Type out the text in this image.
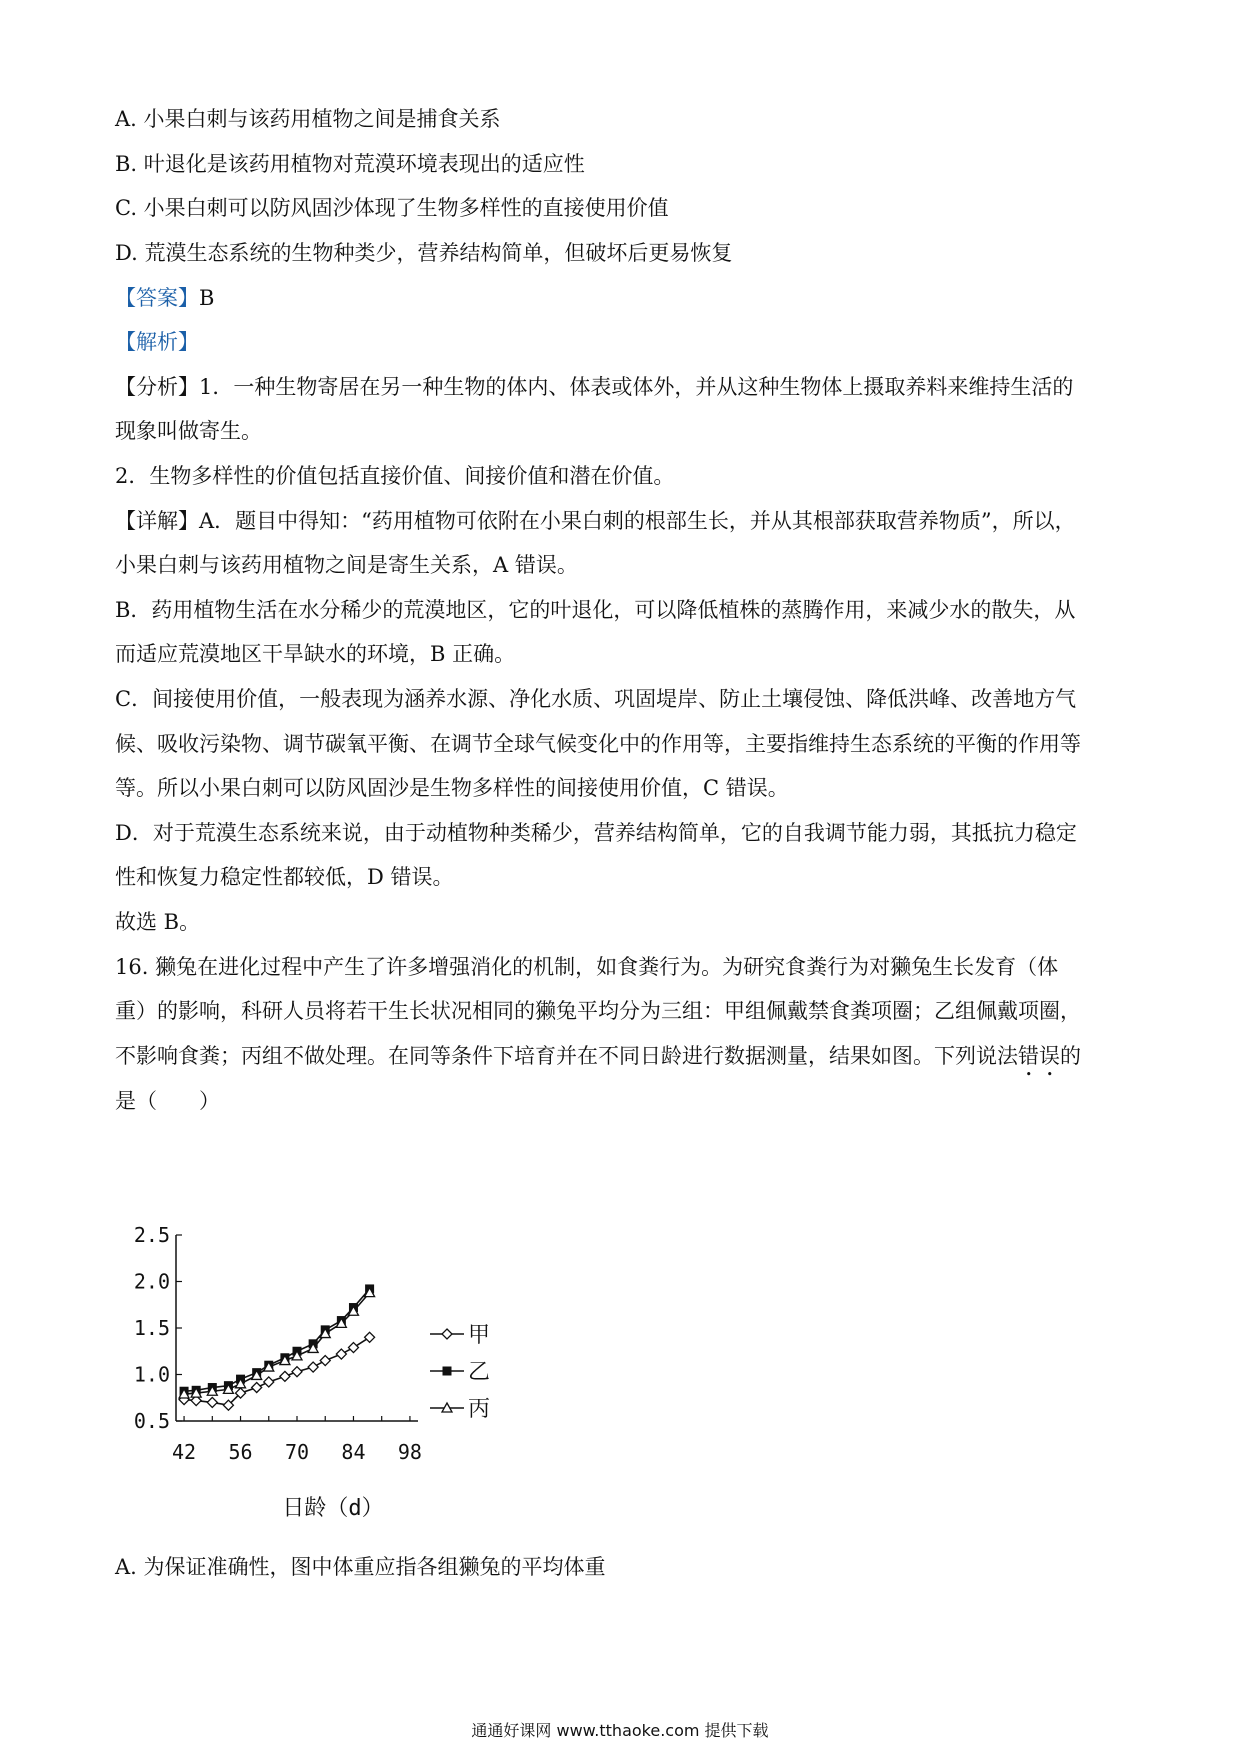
A. 小果白刺与该药用植物之间是捕食关系
B. 叶退化是该药用植物对荒漠环境表现出的适应性
C. 小果白刺可以防风固沙体现了生物多样性的直接使用价值
D. 荒漠生态系统的生物种类少，营养结构简单，但破坏后更易恢复
【答案】B
【解析】
【分析】1．一种生物寄居在另一种生物的体内、体表或体外，并从这种生物体上摄取养料来维持生活的
现象叫做寄生。
2．生物多样性的价值包括直接价值、间接价值和潜在价值。
【详解】A．题目中得知：“药用植物可依附在小果白刺的根部生长，并从其根部获取营养物质”，所以，
小果白刺与该药用植物之间是寄生关系，A 错误。
B．药用植物生活在水分稀少的荒漠地区，它的叶退化，可以降低植株的蒸腾作用，来减少水的散失，从
而适应荒漠地区干旱缺水的环境，B 正确。
C．间接使用价值，一般表现为涵养水源、净化水质、巩固堤岸、防止土壤侵蚀、降低洪峰、改善地方气
候、吸收污染物、调节碳氧平衡、在调节全球气候变化中的作用等，主要指维持生态系统的平衡的作用等
等。所以小果白刺可以防风固沙是生物多样性的间接使用价值，C 错误。
D．对于荒漠生态系统来说，由于动植物种类稀少，营养结构简单，它的自我调节能力弱，其抵抗力稳定
性和恢复力稳定性都较低，D 错误。
故选 B。
16. 獭兔在进化过程中产生了许多增强消化的机制，如食粪行为。为研究食粪行为对獭兔生长发育（体
重）的影响，科研人员将若干生长状况相同的獭兔平均分为三组：甲组佩戴禁食粪项圈；乙组佩戴项圈，
不影响食粪；丙组不做处理。在同等条件下培育并在不同日龄进行数据测量，结果如图。下列说法错误的
是（　　）
0.5
1.0
1.5
2.0
2.5
42 56 70 84 98
甲
乙
丙
日龄（d）
A. 为保证准确性，图中体重应指各组獭兔的平均体重
通通好课网 www.tthaoke.com 提供下载
